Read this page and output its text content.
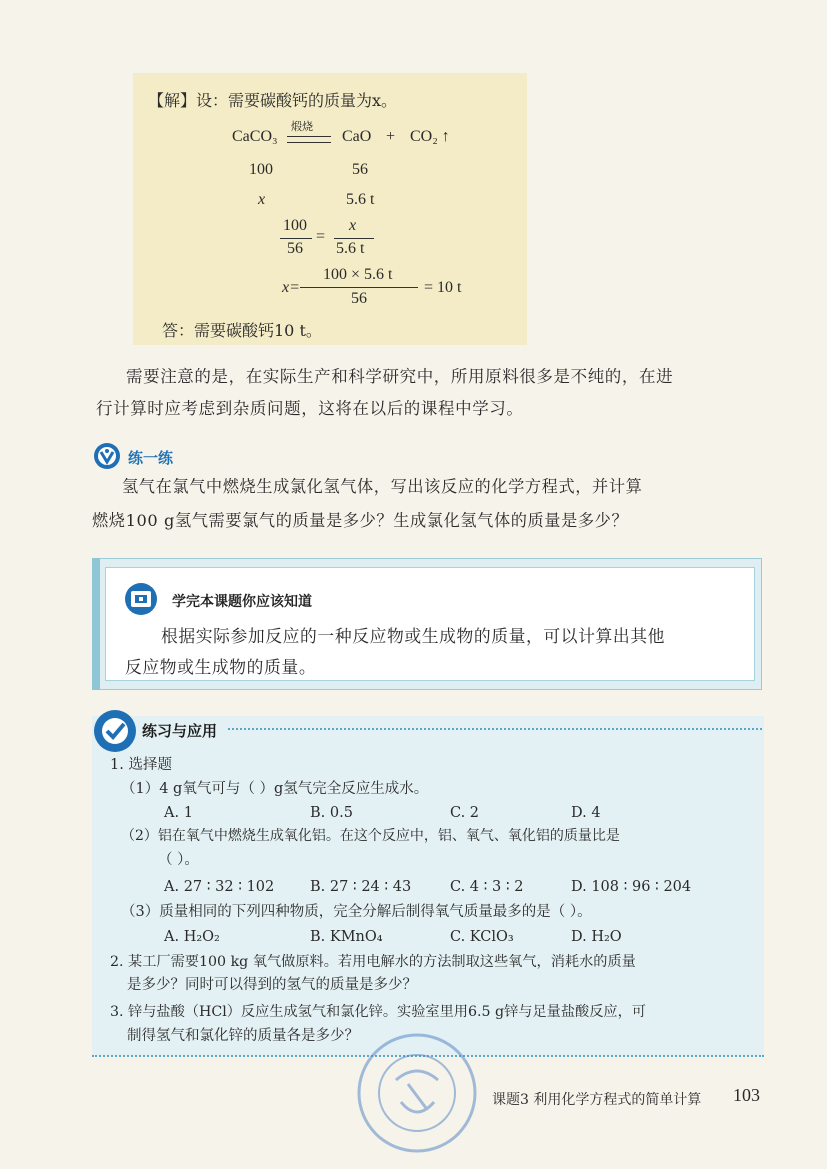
【解】设：需要碳酸钙的质量为x。
CaCO₃
煅烧
CaO + CO₂ ↑
100	56
x	5.6 t
100
56
=
x
5.6 t
x=
100 × 5.6 t
56
= 10 t
答：需要碳酸钙10 t。
需要注意的是，在实际生产和科学研究中，所用原料很多是不纯的，在进
行计算时应考虑到杂质问题，这将在以后的课程中学习。
练一练
氢气在氯气中燃烧生成氯化氢气体，写出该反应的化学方程式，并计算
燃烧100 g氢气需要氯气的质量是多少？生成氯化氢气体的质量是多少？
学完本课题你应该知道
根据实际参加反应的一种反应物或生成物的质量，可以计算出其他
反应物或生成物的质量。
练习与应用
1. 选择题
（1）4 g氧气可与（ ）g氢气完全反应生成水。
A. 1	B. 0.5	C. 2	D. 4
（2）铝在氧气中燃烧生成氧化铝。在这个反应中，铝、氧气、氧化铝的质量比是
（ ）。
A. 27 ∶ 32 ∶ 102 B. 27 ∶ 24 ∶ 43	C. 4 ∶ 3 ∶ 2	D. 108 ∶ 96 ∶ 204
（3）质量相同的下列四种物质，完全分解后制得氧气质量最多的是（ ）。
A. H₂O₂	B. KMnO₄	C. KClO₃	D. H₂O
2. 某工厂需要100 kg 氧气做原料。若用电解水的方法制取这些氧气，消耗水的质量
是多少？同时可以得到的氢气的质量是多少？
3. 锌与盐酸（HCl）反应生成氢气和氯化锌。实验室里用6.5 g锌与足量盐酸反应，可
制得氢气和氯化锌的质量各是多少？
课题3 利用化学方程式的简单计算 103
